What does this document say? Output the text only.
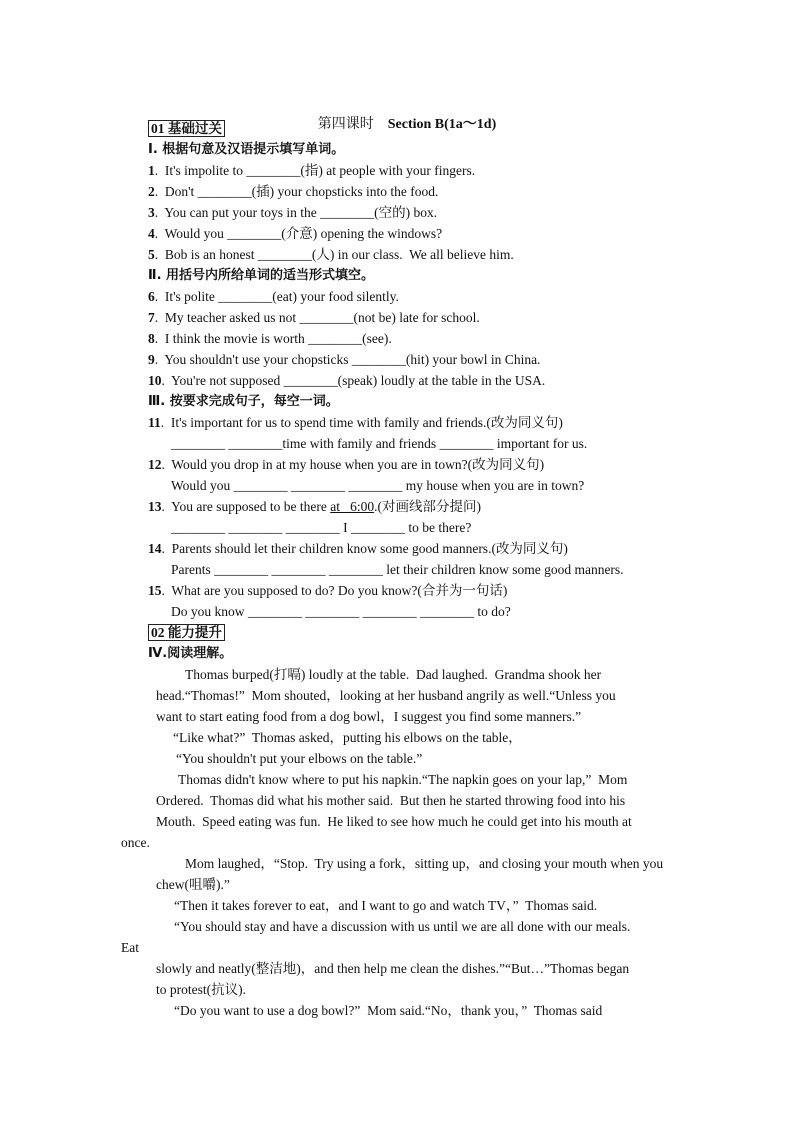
第四课时 Section B(1a～1d)

01 基础过关
Ⅰ. 根据句意及汉语提示填写单词。
1.  It's impolite to ________(指) at people with your fingers.
2.  Don't ________(插) your chopsticks into the food.
3.  You can put your toys in the ________(空的) box.
4.  Would you ________(介意) opening the windows?
5.  Bob is an honest ________(人) in our class.  We all believe him.
Ⅱ. 用括号内所给单词的适当形式填空。
6.  It's polite ________(eat) your food silently.
7.  My teacher asked us not ________(not be) late for school.
8.  I think the movie is worth ________(see).
9.  You shouldn't use your chopsticks ________(hit) your bowl in China.
10.  You're not supposed ________(speak) loudly at the table in the USA.
Ⅲ. 按要求完成句子，每空一词。
11.  It's important for us to spend time with family and friends.(改为同义句)
________ ________time with family and friends ________ important for us.
12.  Would you drop in at my house when you are in town?(改为同义句)
Would you ________ ________ ________ my house when you are in town?
13.  You are supposed to be there at   6:00.(对画线部分提问)
________ ________ ________ I ________ to be there?
14.  Parents should let their children know some good manners.(改为同义句)
Parents ________ ________ ________ let their children know some good manners.
15.  What are you supposed to do? Do you know?(合并为一句话)
Do you know ________ ________ ________ ________ to do?
02 能力提升
Ⅳ.阅读理解。
Thomas burped(打嗝) loudly at the table.  Dad laughed.  Grandma shook her
head.“Thomas!”  Mom shouted，looking at her husband angrily as well.“Unless you
want to start eating food from a dog bowl，I suggest you find some manners.”
“Like what?”  Thomas asked，putting his elbows on the table，
“You shouldn't put your elbows on the table.”
Thomas didn't know where to put his napkin.“The napkin goes on your lap,”  Mom
Ordered.  Thomas did what his mother said.  But then he started throwing food into his
Mouth.  Speed eating was fun.  He liked to see how much he could get into his mouth at
once.
Mom laughed，“Stop.  Try using a fork，sitting up，and closing your mouth when you
chew(咀嚼).”
“Then it takes forever to eat，and I want to go and watch TV，”  Thomas said.
“You should stay and have a discussion with us until we are all done with our meals.
Eat
slowly and neatly(整洁地)，and then help me clean the dishes.”“But…”Thomas began
to protest(抗议).
“Do you want to use a dog bowl?”  Mom said.“No，thank you，”  Thomas said
